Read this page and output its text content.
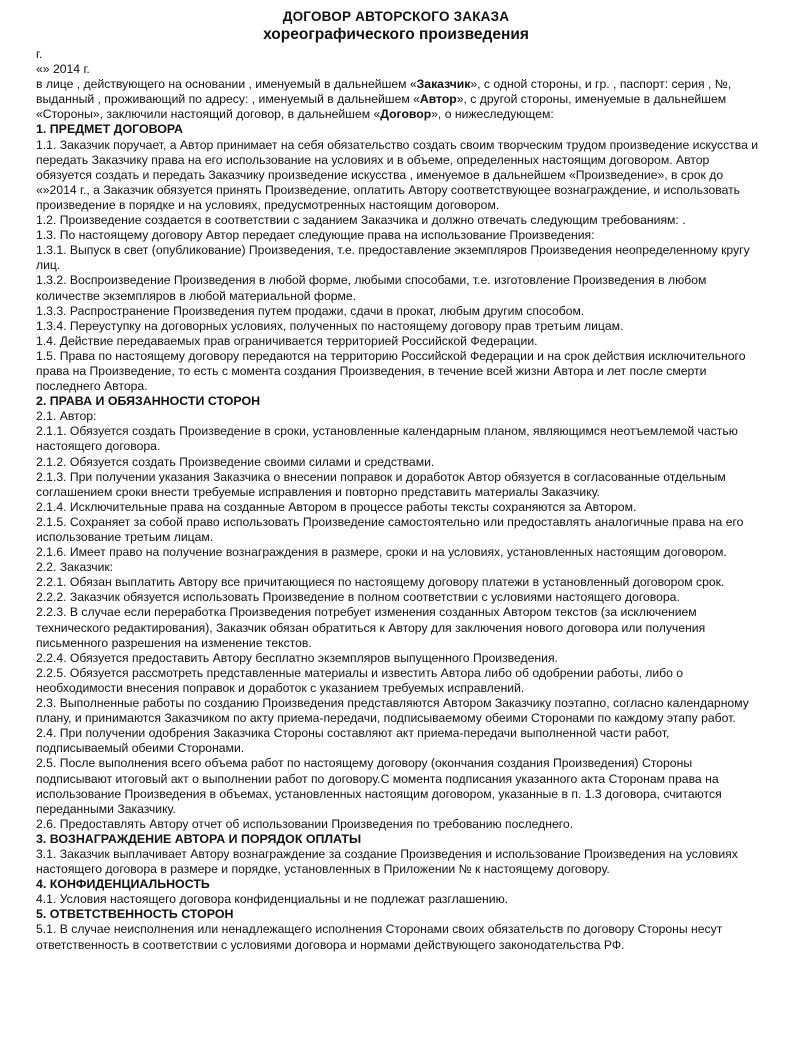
ДОГОВОР АВТОРСКОГО ЗАКАЗА
хореографического произведения

г.

«» 2014 г.

в лице , действующего на основании , именуемый в дальнейшем «Заказчик», с одной стороны, и гр. , паспорт: серия , №, выданный , проживающий по адресу: , именуемый в дальнейшем «Автор», с другой стороны, именуемые в дальнейшем «Стороны», заключили настоящий договор, в дальнейшем «Договор», о нижеследующем:

1. ПРЕДМЕТ ДОГОВОРА

1.1. Заказчик поручает, а Автор принимает на себя обязательство создать своим творческим трудом произведение искусства и передать Заказчику права на его использование на условиях и в объеме, определенных настоящим договором. Автор обязуется создать и передать Заказчику произведение искусства , именуемое в дальнейшем «Произведение», в срок до «»2014 г., а Заказчик обязуется принять Произведение, оплатить Автору соответствующее вознаграждение, и использовать произведение в порядке и на условиях, предусмотренных настоящим договором.

1.2. Произведение создается в соответствии с заданием Заказчика и должно отвечать следующим требованиям: .

1.3. По настоящему договору Автор передает следующие права на использование Произведения:

1.3.1. Выпуск в свет (опубликование) Произведения, т.е. предоставление экземпляров Произведения неопределенному кругу лиц.

1.3.2. Воспроизведение Произведения в любой форме, любыми способами, т.е. изготовление Произведения в любом количестве экземпляров в любой материальной форме.

1.3.3. Распространение Произведения путем продажи, сдачи в прокат, любым другим способом.

1.3.4. Переуступку на договорных условиях, полученных по настоящему договору прав третьим лицам.

1.4. Действие передаваемых прав ограничивается территорией Российской Федерации.

1.5. Права по настоящему договору передаются на территорию Российской Федерации и на срок действия исключительного права на Произведение, то есть с момента создания Произведения, в течение всей жизни Автора и лет после смерти последнего Автора.

2. ПРАВА И ОБЯЗАННОСТИ СТОРОН

2.1. Автор:

2.1.1. Обязуется создать Произведение в сроки, установленные календарным планом, являющимся неотъемлемой частью настоящего договора.

2.1.2. Обязуется создать Произведение своими силами и средствами.

2.1.3. При получении указания Заказчика о внесении поправок и доработок Автор обязуется в согласованные отдельным соглашением сроки внести требуемые исправления и повторно представить материалы Заказчику.

2.1.4. Исключительные права на созданные Автором в процессе работы тексты сохраняются за Автором.

2.1.5. Сохраняет за собой право использовать Произведение самостоятельно или предоставлять аналогичные права на его использование третьим лицам.

2.1.6. Имеет право на получение вознаграждения в размере, сроки и на условиях, установленных настоящим договором.

2.2. Заказчик:

2.2.1. Обязан выплатить Автору все причитающиеся по настоящему договору платежи в установленный договором срок.

2.2.2. Заказчик обязуется использовать Произведение в полном соответствии с условиями настоящего договора.

2.2.3. В случае если переработка Произведения потребует изменения созданных Автором текстов (за исключением технического редактирования), Заказчик обязан обратиться к Автору для заключения нового договора или получения письменного разрешения на изменение текстов.

2.2.4. Обязуется предоставить Автору бесплатно экземпляров выпущенного Произведения.

2.2.5. Обязуется рассмотреть представленные материалы и известить Автора либо об одобрении работы, либо о необходимости внесения поправок и доработок с указанием требуемых исправлений.

2.3. Выполненные работы по созданию Произведения представляются Автором Заказчику поэтапно, согласно календарному плану, и принимаются Заказчиком по акту приема-передачи, подписываемому обеими Сторонами по каждому этапу работ.

2.4. При получении одобрения Заказчика Стороны составляют акт приема-передачи выполненной части работ, подписываемый обеими Сторонами.

2.5. После выполнения всего объема работ по настоящему договору (окончания создания Произведения) Стороны подписывают итоговый акт о выполнении работ по договору.С момента подписания указанного акта Сторонам права на использование Произведения в объемах, установленных настоящим договором, указанные в п. 1.3 договора, считаются переданными Заказчику.

2.6. Предоставлять Автору отчет об использовании Произведения по требованию последнего.

3. ВОЗНАГРАЖДЕНИЕ АВТОРА И ПОРЯДОК ОПЛАТЫ

3.1. Заказчик выплачивает Автору вознаграждение за создание Произведения и использование Произведения на условиях настоящего договора в размере и порядке, установленных в Приложении № к настоящему договору.

4. КОНФИДЕНЦИАЛЬНОСТЬ

4.1. Условия настоящего договора конфиденциальны и не подлежат разглашению.

5. ОТВЕТСТВЕННОСТЬ СТОРОН

5.1. В случае неисполнения или ненадлежащего исполнения Сторонами своих обязательств по договору Стороны несут ответственность в соответствии с условиями договора и нормами действующего законодательства РФ.
